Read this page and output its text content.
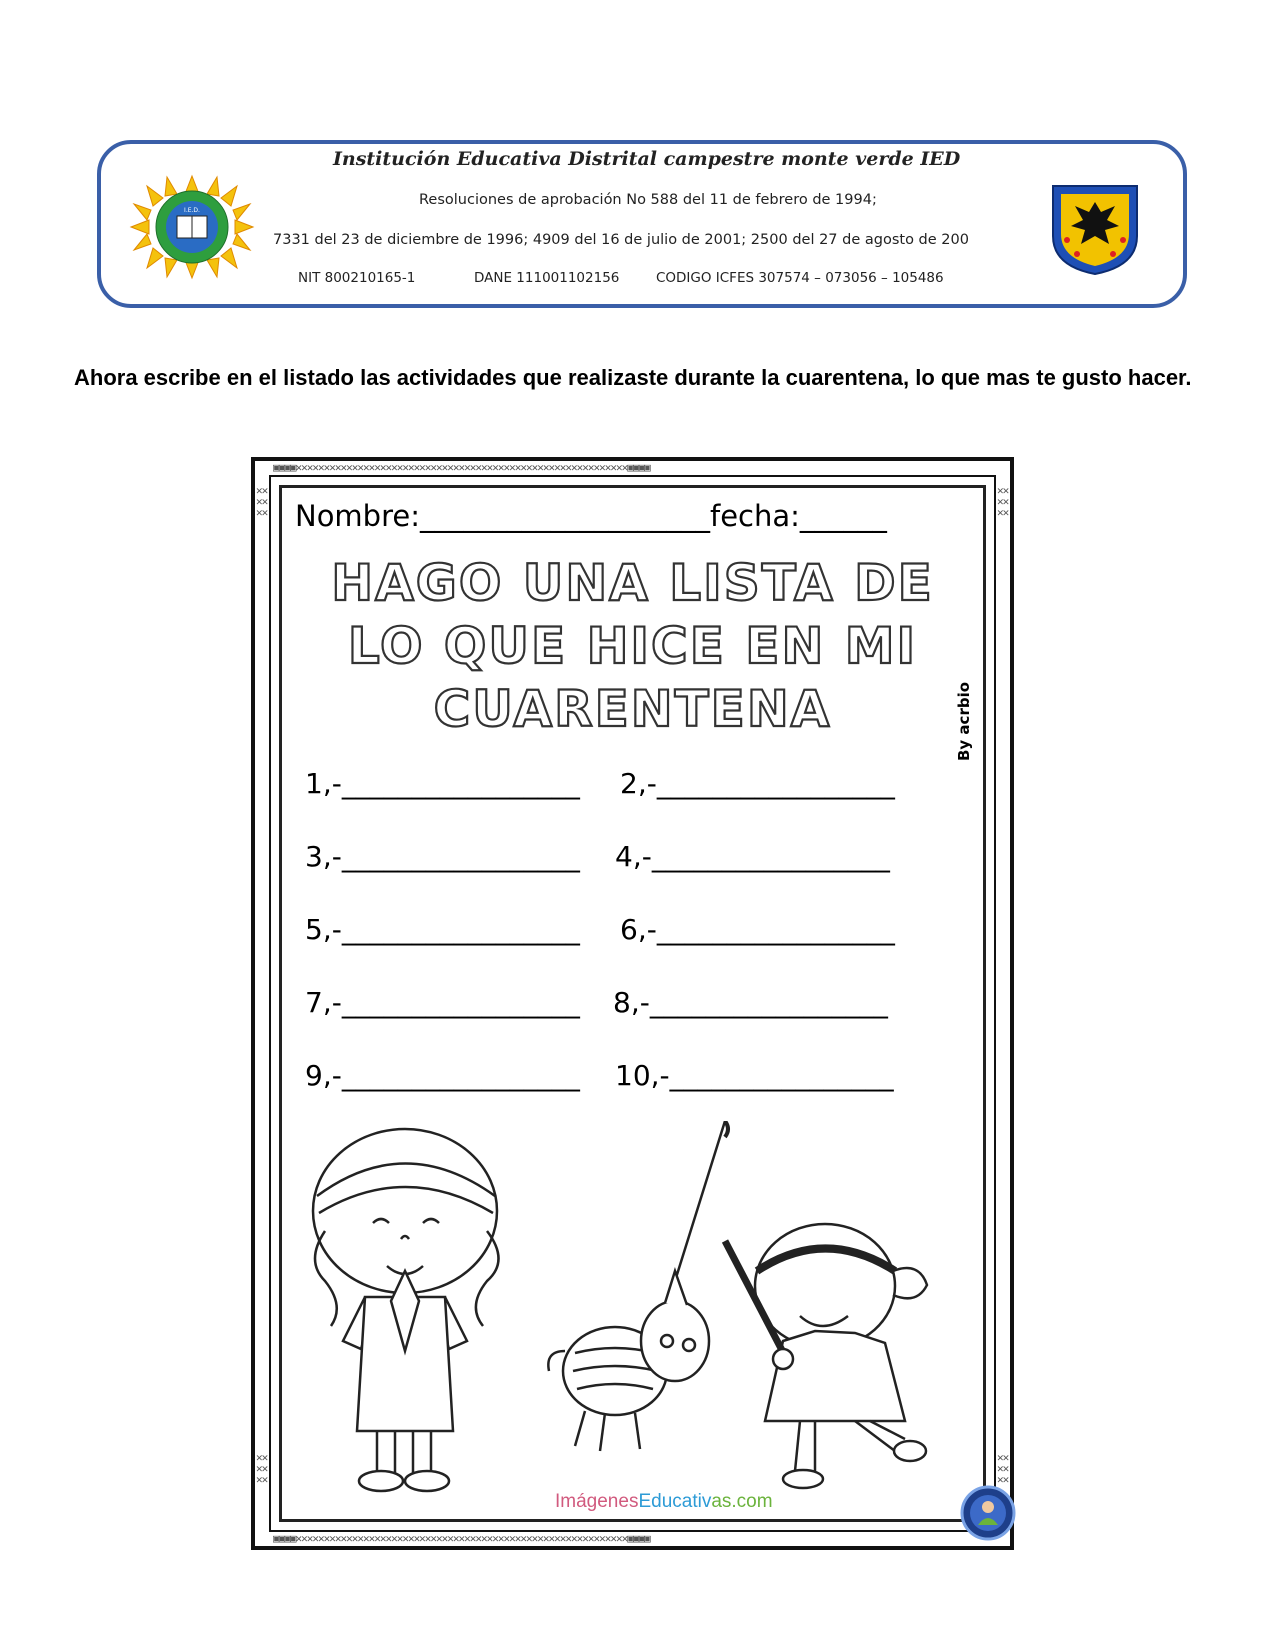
I.E.D.
Institución Educativa Distrital campestre monte verde IED
Resoluciones de aprobación No 588 del 11 de febrero de 1994;
7331 del 23 de diciembre de 1996; 4909 del 16 de julio de 2001; 2500 del 27 de agosto de 200
NIT 800210165-1	DANE 111001102156	CODIGO ICFES 307574 – 073056 – 105486
Ahora escribe en el listado las actividades que realizaste durante la cuarentena, lo que mas te gusto hacer.
▣▣▣▣✕✕✕✕✕✕✕✕✕✕✕✕✕✕✕✕✕✕✕✕✕✕✕✕✕✕✕✕✕✕✕✕✕✕✕✕✕✕✕✕✕✕✕✕✕✕✕✕✕✕✕✕✕✕✕✕✕✕✕▣▣▣▣
▣▣▣▣✕✕✕✕✕✕✕✕✕✕✕✕✕✕✕✕✕✕✕✕✕✕✕✕✕✕✕✕✕✕✕✕✕✕✕✕✕✕✕✕✕✕✕✕✕✕✕✕✕✕✕✕✕✕✕✕✕✕✕▣▣▣▣
✕✕✕✕✕✕
✕✕✕✕✕✕
✕✕✕✕✕✕
✕✕✕✕✕✕
Nombre:____________________fecha:______
HAGO UNA LISTA DE
LO QUE HICE EN MI
CUARENTENA	By acrbio
1,-_________________ 2,-_________________
3,-_________________ 4,-_________________
5,-_________________ 6,-_________________
7,-_________________ 8,-_________________
9,-_________________ 10,-________________
ImágenesEducativas.com
